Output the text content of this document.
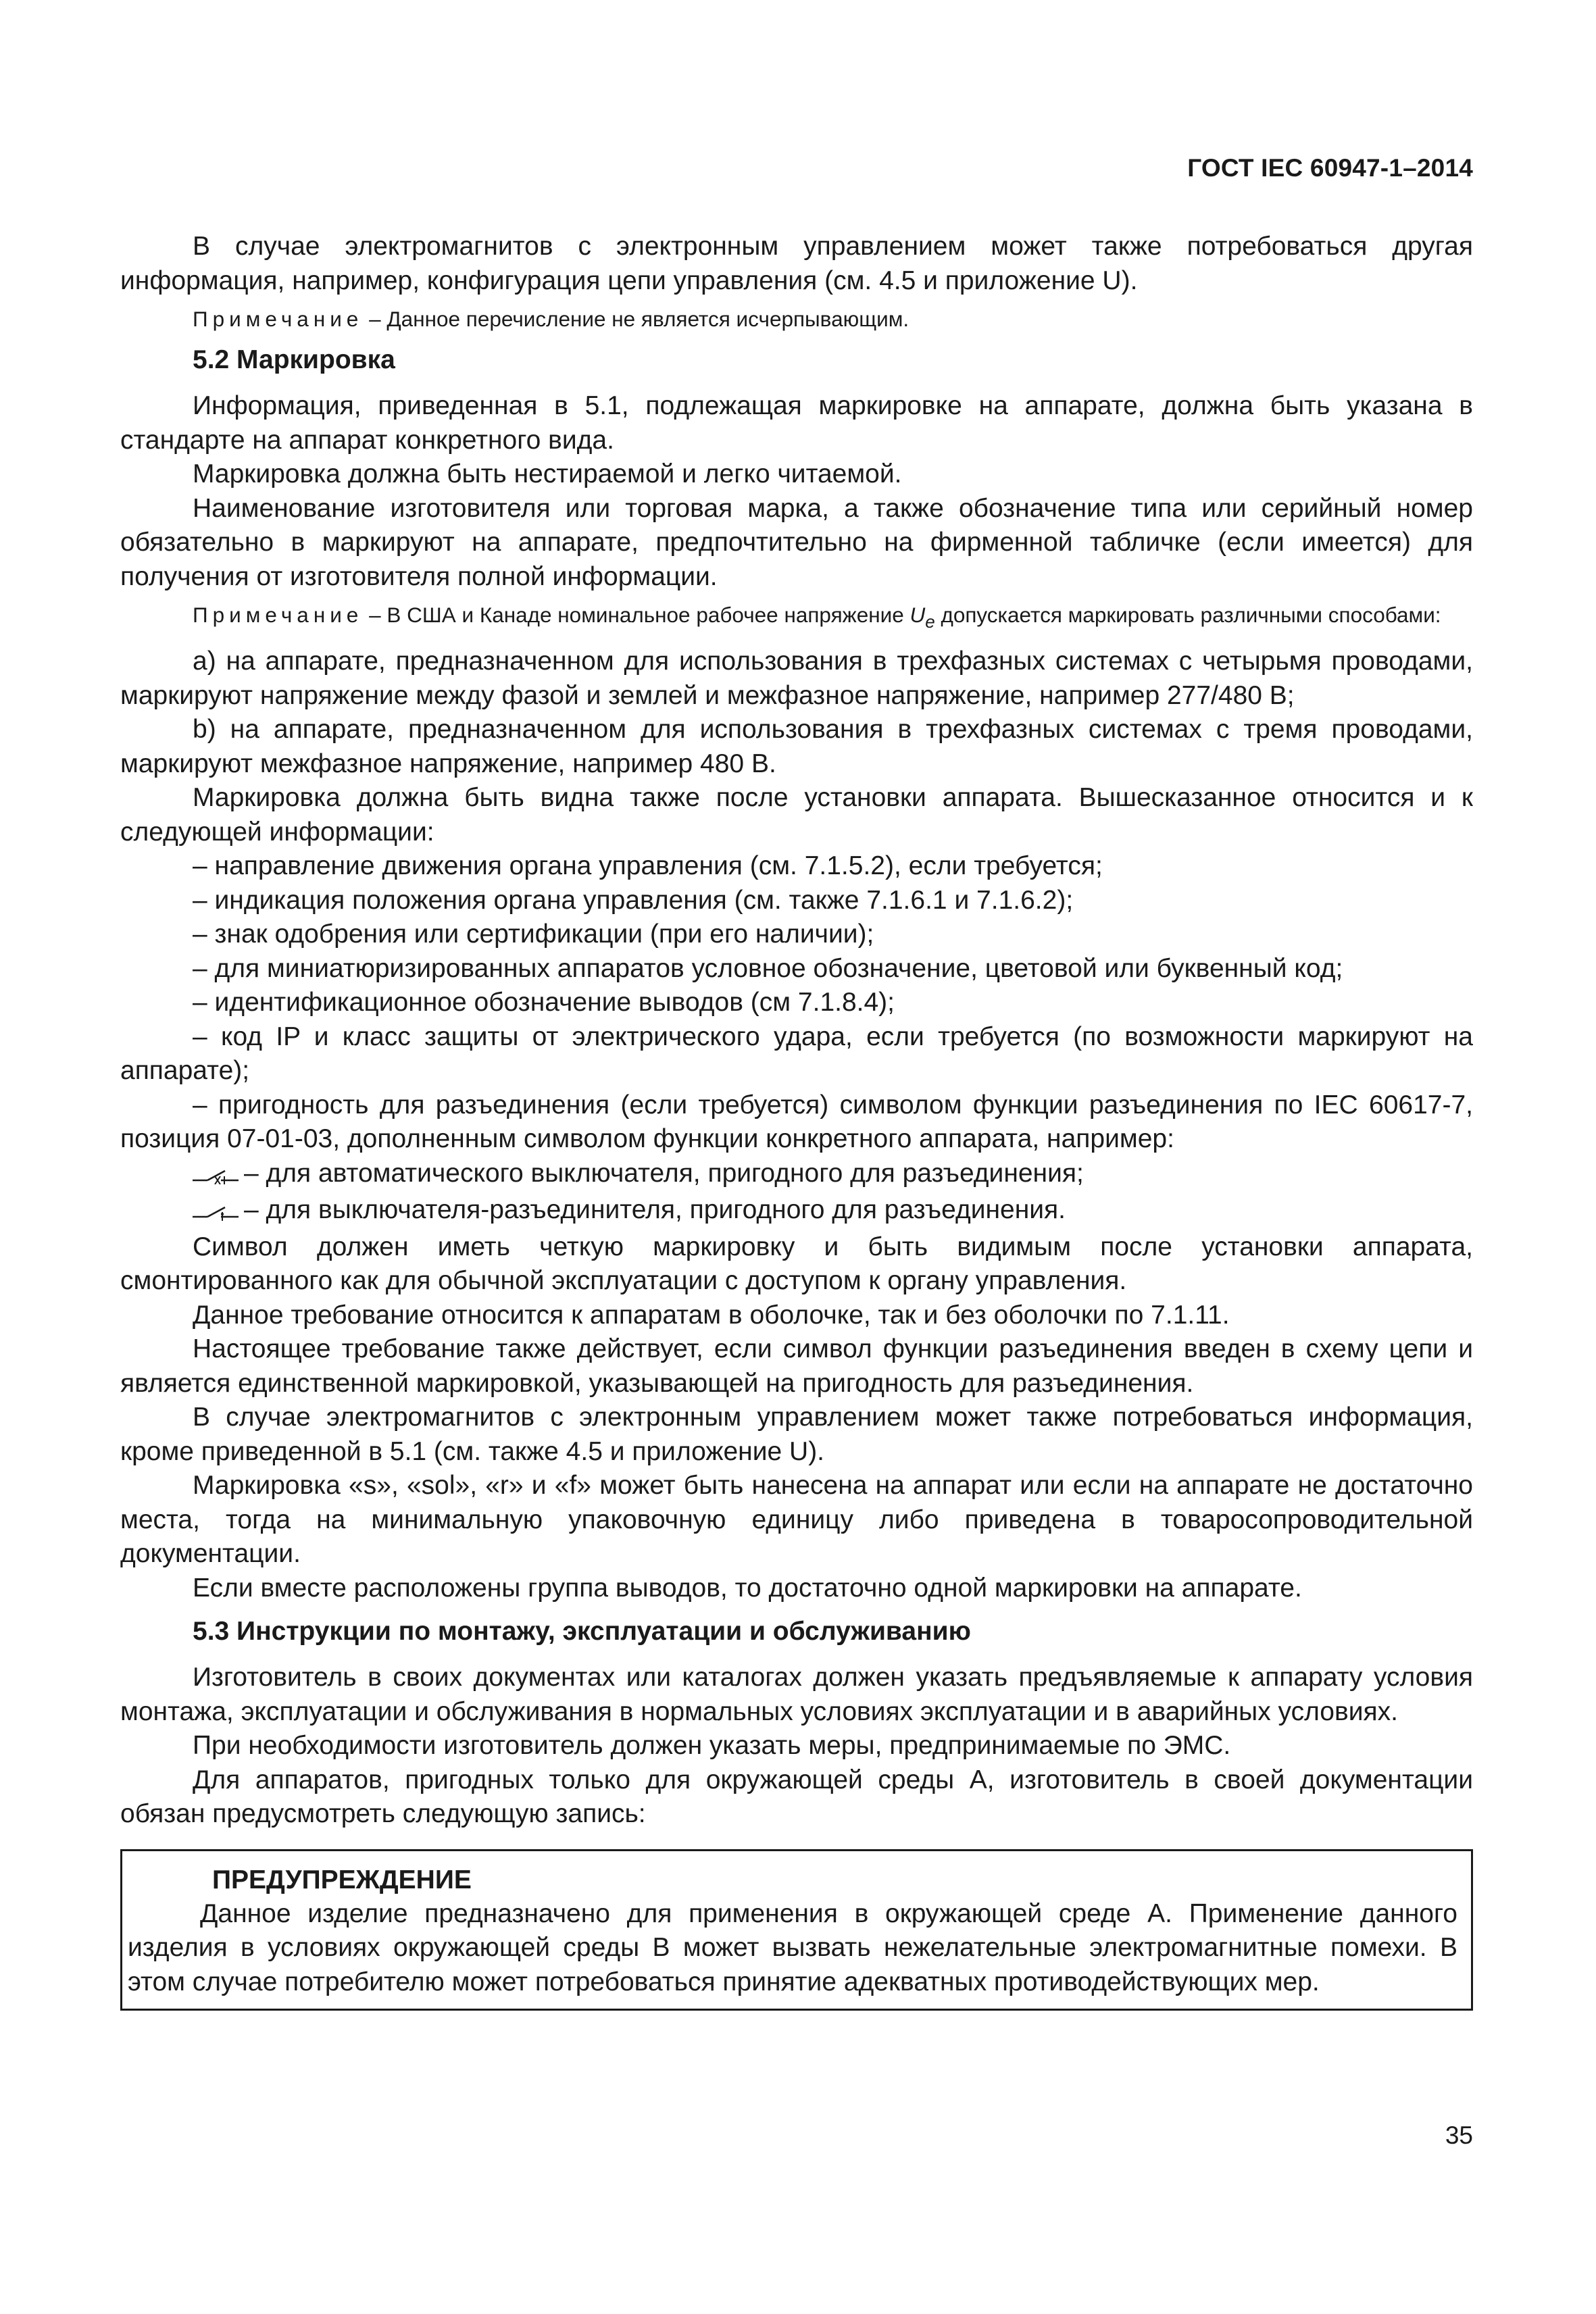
ГОСТ IEC 60947-1–2014

В случае электромагнитов с электронным управлением может также потребоваться другая информация, например, конфигурация цепи управления (см. 4.5 и приложение U).

Примечание – Данное перечисление не является исчерпывающим.

5.2 Маркировка

Информация, приведенная в 5.1, подлежащая маркировке на аппарате, должна быть указана в стандарте на аппарат конкретного вида.

Маркировка должна быть нестираемой и легко читаемой.

Наименование изготовителя или торговая марка, а также обозначение типа или серийный номер обязательно в маркируют на аппарате, предпочтительно на фирменной табличке (если имеется) для получения от изготовителя полной информации.

Примечание – В США и Канаде номинальное рабочее напряжение $U_e$ допускается маркировать различными способами:

a) на аппарате, предназначенном для использования в трехфазных системах с четырьмя проводами, маркируют напряжение между фазой и землей и межфазное напряжение, например 277/480 В;

b) на аппарате, предназначенном для использования в трехфазных системах с тремя проводами, маркируют межфазное напряжение, например 480 В.

Маркировка должна быть видна также после установки аппарата. Вышесказанное относится и к следующей информации:

– направление движения органа управления (см. 7.1.5.2), если требуется;

– индикация положения органа управления (см. также 7.1.6.1 и 7.1.6.2);

– знак одобрения или сертификации (при его наличии);

– для миниатюризированных аппаратов условное обозначение, цветовой или буквенный код;

– идентификационное обозначение выводов (см 7.1.8.4);

– код IP и класс защиты от электрического удара, если требуется (по возможности маркируют на аппарате);

– пригодность для разъединения (если требуется) символом функции разъединения по IEC 60617-7, позиция 07-01-03, дополненным символом функции конкретного аппарата, например:

– для автоматического выключателя, пригодного для разъединения;

– для выключателя-разъединителя, пригодного для разъединения.

Символ должен иметь четкую маркировку и быть видимым после установки аппарата, смонтированного как для обычной эксплуатации с доступом к органу управления.

Данное требование относится к аппаратам в оболочке, так и без оболочки по 7.1.11.

Настоящее требование также действует, если символ функции разъединения введен в схему цепи и является единственной маркировкой, указывающей на пригодность для разъединения.

В случае электромагнитов с электронным управлением может также потребоваться информация, кроме приведенной в 5.1 (см. также 4.5 и приложение U).

Маркировка «s», «sol», «r» и «f» может быть нанесена на аппарат или если на аппарате не достаточно места, тогда на минимальную упаковочную единицу либо приведена в товаросопроводительной документации.

Если вместе расположены группа выводов, то достаточно одной маркировки на аппарате.

5.3 Инструкции по монтажу, эксплуатации и обслуживанию

Изготовитель в своих документах или каталогах должен указать предъявляемые к аппарату условия монтажа, эксплуатации и обслуживания в нормальных условиях эксплуатации и в аварийных условиях.

При необходимости изготовитель должен указать меры, предпринимаемые по ЭМС.

Для аппаратов, пригодных только для окружающей среды А, изготовитель в своей документации обязан предусмотреть следующую запись:

ПРЕДУПРЕЖДЕНИЕ

Данное изделие предназначено для применения в окружающей среде А. Применение данного изделия в условиях окружающей среды В может вызвать нежелательные электромагнитные помехи. В этом случае потребителю может потребоваться принятие адекватных противодействующих мер.

35
